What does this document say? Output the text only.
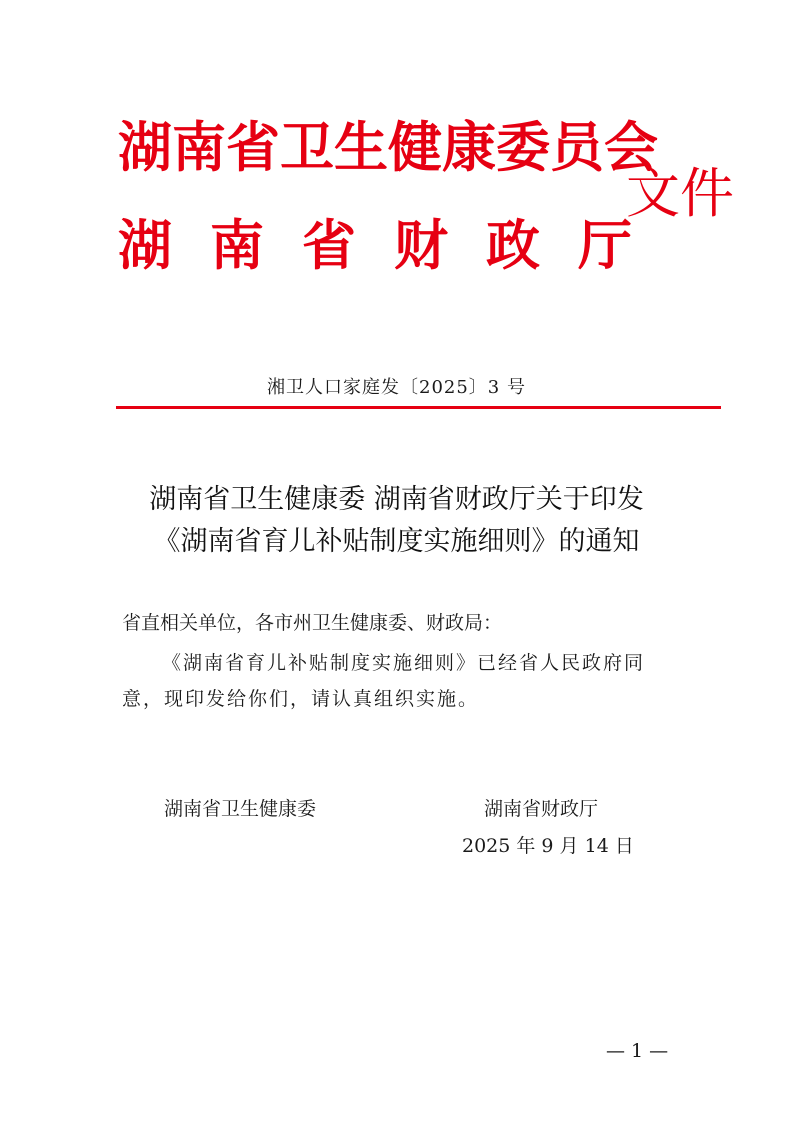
湖南省卫生健康委员会
湖南省财政厅
文件
湘卫人口家庭发〔2025〕3 号
湖南省卫生健康委 湖南省财政厅关于印发
《湖南省育儿补贴制度实施细则》的通知
省直相关单位，各市州卫生健康委、财政局：
《湖南省育儿补贴制度实施细则》已经省人民政府同
意，现印发给你们，请认真组织实施。
湖南省卫生健康委	湖南省财政厅
2025 年 9 月 14 日
— 1 —
